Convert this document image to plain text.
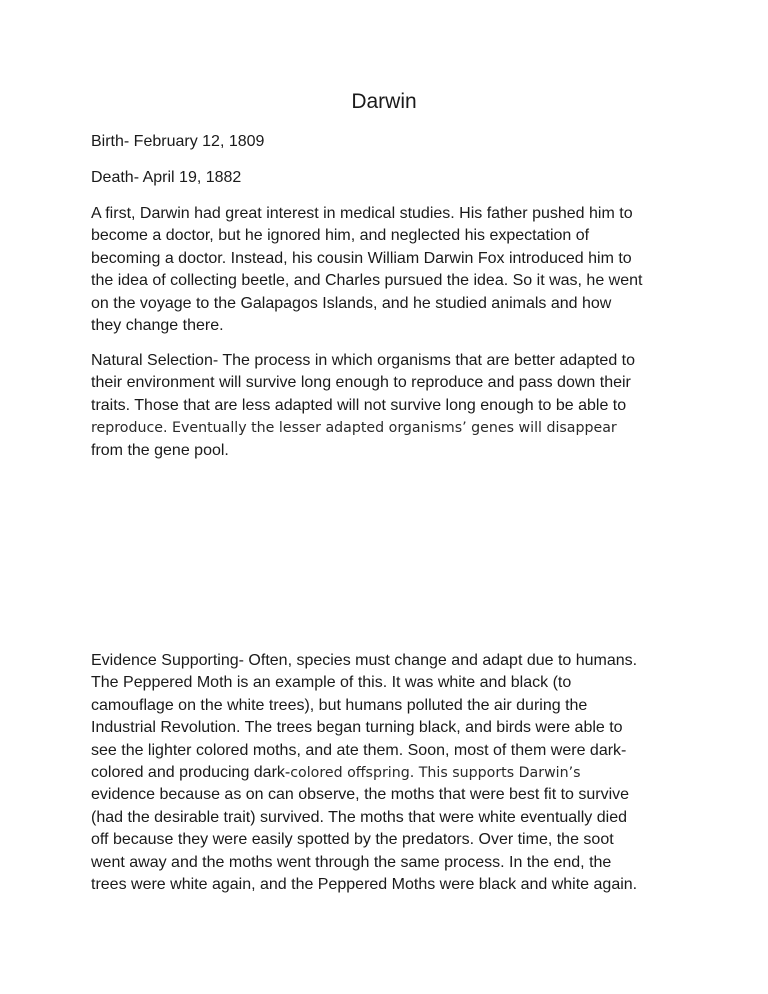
Darwin
Birth- February 12, 1809
Death- April 19, 1882

A first, Darwin had great interest in medical studies. His father pushed him to

become a doctor, but he ignored him, and neglected his expectation of

becoming a doctor. Instead, his cousin William Darwin Fox introduced him to

the idea of collecting beetle, and Charles pursued the idea. So it was, he went

on the voyage to the Galapagos Islands, and he studied animals and how

they change there.

Natural Selection- The process in which organisms that are better adapted to

their environment will survive long enough to reproduce and pass down their

traits. Those that are less adapted will not survive long enough to be able to

reproduce. Eventually the lesser adapted organisms’ genes will disappear

from the gene pool.

Evidence Supporting- Often, species must change and adapt due to humans.

The Peppered Moth is an example of this. It was white and black (to

camouflage on the white trees), but humans polluted the air during the

Industrial Revolution. The trees began turning black, and birds were able to

see the lighter colored moths, and ate them. Soon, most of them were dark-

colored and producing dark-colored offspring. This supports Darwin’s

evidence because as on can observe, the moths that were best fit to survive

(had the desirable trait) survived. The moths that were white eventually died

off because they were easily spotted by the predators. Over time, the soot

went away and the moths went through the same process. In the end, the

trees were white again, and the Peppered Moths were black and white again.
